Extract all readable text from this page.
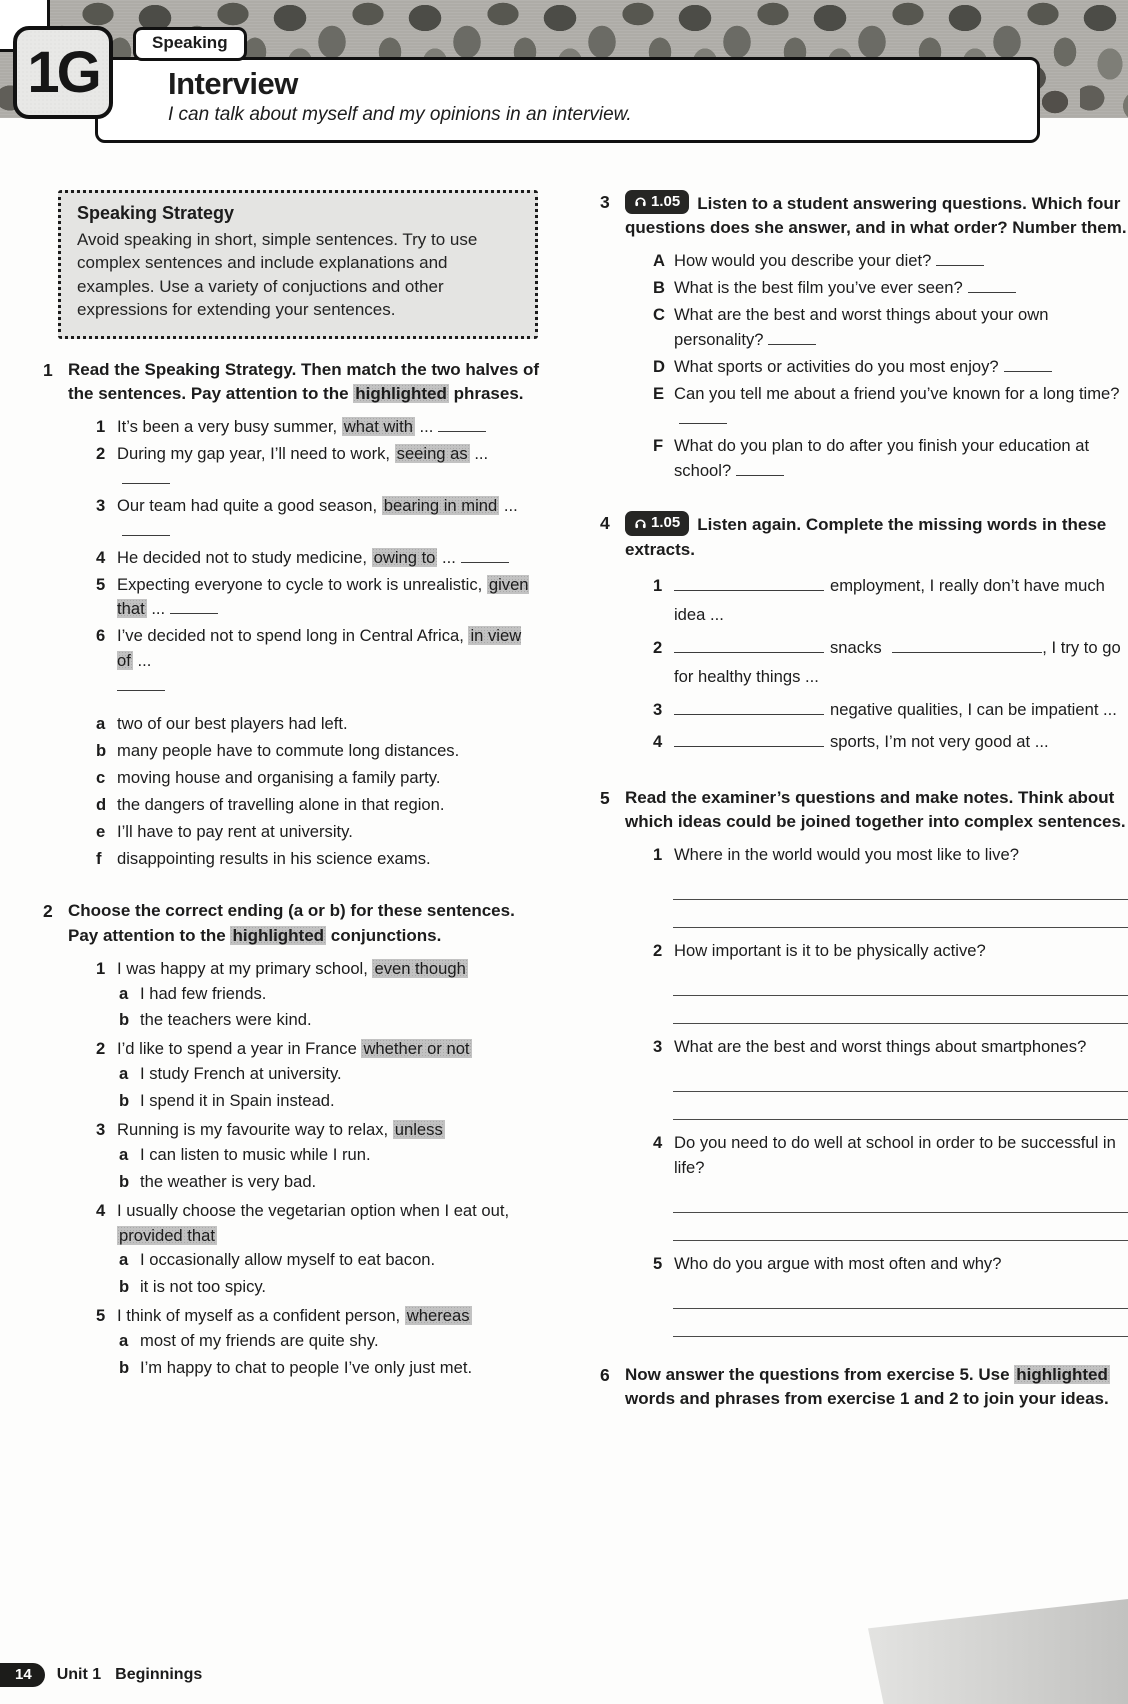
Interview
I can talk about myself and my opinions in an interview.
Speaking
1G
Speaking Strategy

Avoid speaking in short, simple sentences. Try to use complex sentences and include explanations and examples. Use a variety of conjuctions and other expressions for extending your sentences.

1 Read the Speaking Strategy. Then match the two halves of the sentences. Pay attention to the highlighted phrases.

1 It’s been a very busy summer, what with ...
2 During my gap year, I’ll need to work, seeing as ...
3 Our team had quite a good season, bearing in mind ...
4 He decided not to study medicine, owing to ...
5 Expecting everyone to cycle to work is unrealistic, given that ...
6 I’ve decided not to spend long in Central Africa, in view of ...

a two of our best players had left.
b many people have to commute long distances.
c moving house and organising a family party.
d the dangers of travelling alone in that region.
e I’ll have to pay rent at university.
f disappointing results in his science exams.
2 Choose the correct ending (a or b) for these sentences. Pay attention to the highlighted conjunctions.

1 I was happy at my primary school, even though
a I had few friends.
b the teachers were kind.
2 I’d like to spend a year in France whether or not
a I study French at university.
b I spend it in Spain instead.
3 Running is my favourite way to relax, unless
a I can listen to music while I run.
b the weather is very bad.
4 I usually choose the vegetarian option when I eat out, provided that
a I occasionally allow myself to eat bacon.
b it is not too spicy.
5 I think of myself as a confident person, whereas
a most of my friends are quite shy.
b I’m happy to chat to people I’ve only just met.
3	1.05 Listen to a student answering questions. Which four questions does she answer, and in what order? Number them.

A How would you describe your diet?
B What is the best film you’ve ever seen?
C What are the best and worst things about your own personality?
D What sports or activities do you most enjoy?
E Can you tell me about a friend you’ve known for a long time?
F What do you plan to do after you finish your education at school?
4	1.05 Listen again. Complete the missing words in these extracts.

1	employment, I really don’t have much idea ...
2	snacks	, I try to go for healthy things ...
3	negative qualities, I can be impatient ...
4	sports, I’m not very good at ...
5 Read the examiner’s questions and make notes. Think about which ideas could be joined together into complex sentences.

1 Where in the world would you most like to live?
2 How important is it to be physically active?
3 What are the best and worst things about smartphones?
4 Do you need to do well at school in order to be successful in life?
5 Who do you argue with most often and why?
6 Now answer the questions from exercise 5. Use highlighted words and phrases from exercise 1 and 2 to join your ideas.

14	Unit 1 Beginnings
